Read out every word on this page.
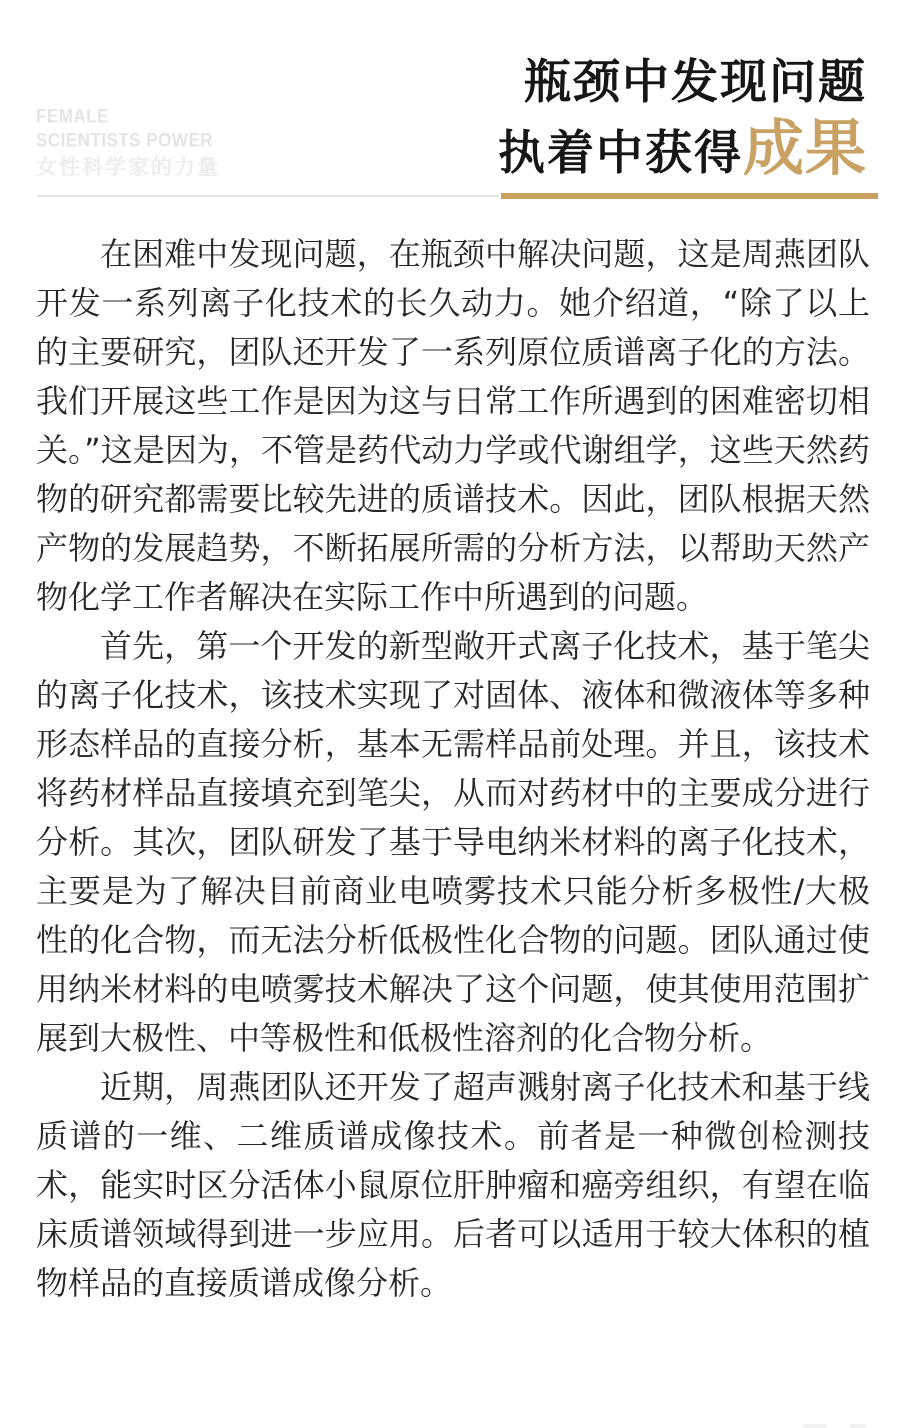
FEMALE
SCIENTISTS POWER
女性科学家的力量
瓶颈中发现问题
执着中获得 成果

在困难中发现问题，在瓶颈中解决问题，这是周燕团队开发一系列离子化技术的长久动力。她介绍道，“除了以上的主要研究，团队还开发了一系列原位质谱离子化的方法。我们开展这些工作是因为这与日常工作所遇到的困难密切相关。”这是因为，不管是药代动力学或代谢组学，这些天然药物的研究都需要比较先进的质谱技术。因此，团队根据天然产物的发展趋势，不断拓展所需的分析方法，以帮助天然产物化学工作者解决在实际工作中所遇到的问题。

首先，第一个开发的新型敞开式离子化技术，基于笔尖的离子化技术，该技术实现了对固体、液体和微液体等多种形态样品的直接分析，基本无需样品前处理。并且，该技术将药材样品直接填充到笔尖，从而对药材中的主要成分进行分析。其次，团队研发了基于导电纳米材料的离子化技术，主要是为了解决目前商业电喷雾技术只能分析多极性/大极性的化合物，而无法分析低极性化合物的问题。团队通过使用纳米材料的电喷雾技术解决了这个问题，使其使用范围扩展到大极性、中等极性和低极性溶剂的化合物分析。

近期，周燕团队还开发了超声溅射离子化技术和基于线质谱的一维、二维质谱成像技术。前者是一种微创检测技术，能实时区分活体小鼠原位肝肿瘤和癌旁组织，有望在临床质谱领域得到进一步应用。后者可以适用于较大体积的植物样品的直接质谱成像分析。
